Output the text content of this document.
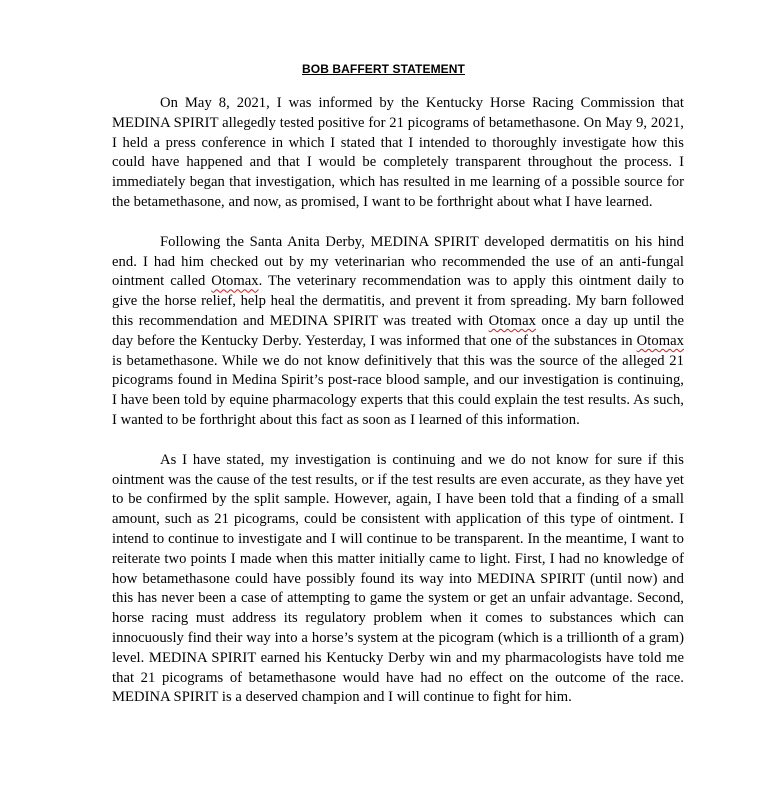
BOB BAFFERT STATEMENT

On May 8, 2021, I was informed by the Kentucky Horse Racing Commission that MEDINA SPIRIT allegedly tested positive for 21 picograms of betamethasone. On May 9, 2021, I held a press conference in which I stated that I intended to thoroughly investigate how this could have happened and that I would be completely transparent throughout the process. I immediately began that investigation, which has resulted in me learning of a possible source for the betamethasone, and now, as promised, I want to be forthright about what I have learned.

Following the Santa Anita Derby, MEDINA SPIRIT developed dermatitis on his hind end. I had him checked out by my veterinarian who recommended the use of an anti-fungal ointment called Otomax. The veterinary recommendation was to apply this ointment daily to give the horse relief, help heal the dermatitis, and prevent it from spreading. My barn followed this recommendation and MEDINA SPIRIT was treated with Otomax once a day up until the day before the Kentucky Derby. Yesterday, I was informed that one of the substances in Otomax is betamethasone. While we do not know definitively that this was the source of the alleged 21 picograms found in Medina Spirit’s post-race blood sample, and our investigation is continuing, I have been told by equine pharmacology experts that this could explain the test results. As such, I wanted to be forthright about this fact as soon as I learned of this information.

As I have stated, my investigation is continuing and we do not know for sure if this ointment was the cause of the test results, or if the test results are even accurate, as they have yet to be confirmed by the split sample. However, again, I have been told that a finding of a small amount, such as 21 picograms, could be consistent with application of this type of ointment. I intend to continue to investigate and I will continue to be transparent. In the meantime, I want to reiterate two points I made when this matter initially came to light. First, I had no knowledge of how betamethasone could have possibly found its way into MEDINA SPIRIT (until now) and this has never been a case of attempting to game the system or get an unfair advantage. Second, horse racing must address its regulatory problem when it comes to substances which can innocuously find their way into a horse’s system at the picogram (which is a trillionth of a gram) level. MEDINA SPIRIT earned his Kentucky Derby win and my pharmacologists have told me that 21 picograms of betamethasone would have had no effect on the outcome of the race. MEDINA SPIRIT is a deserved champion and I will continue to fight for him.
